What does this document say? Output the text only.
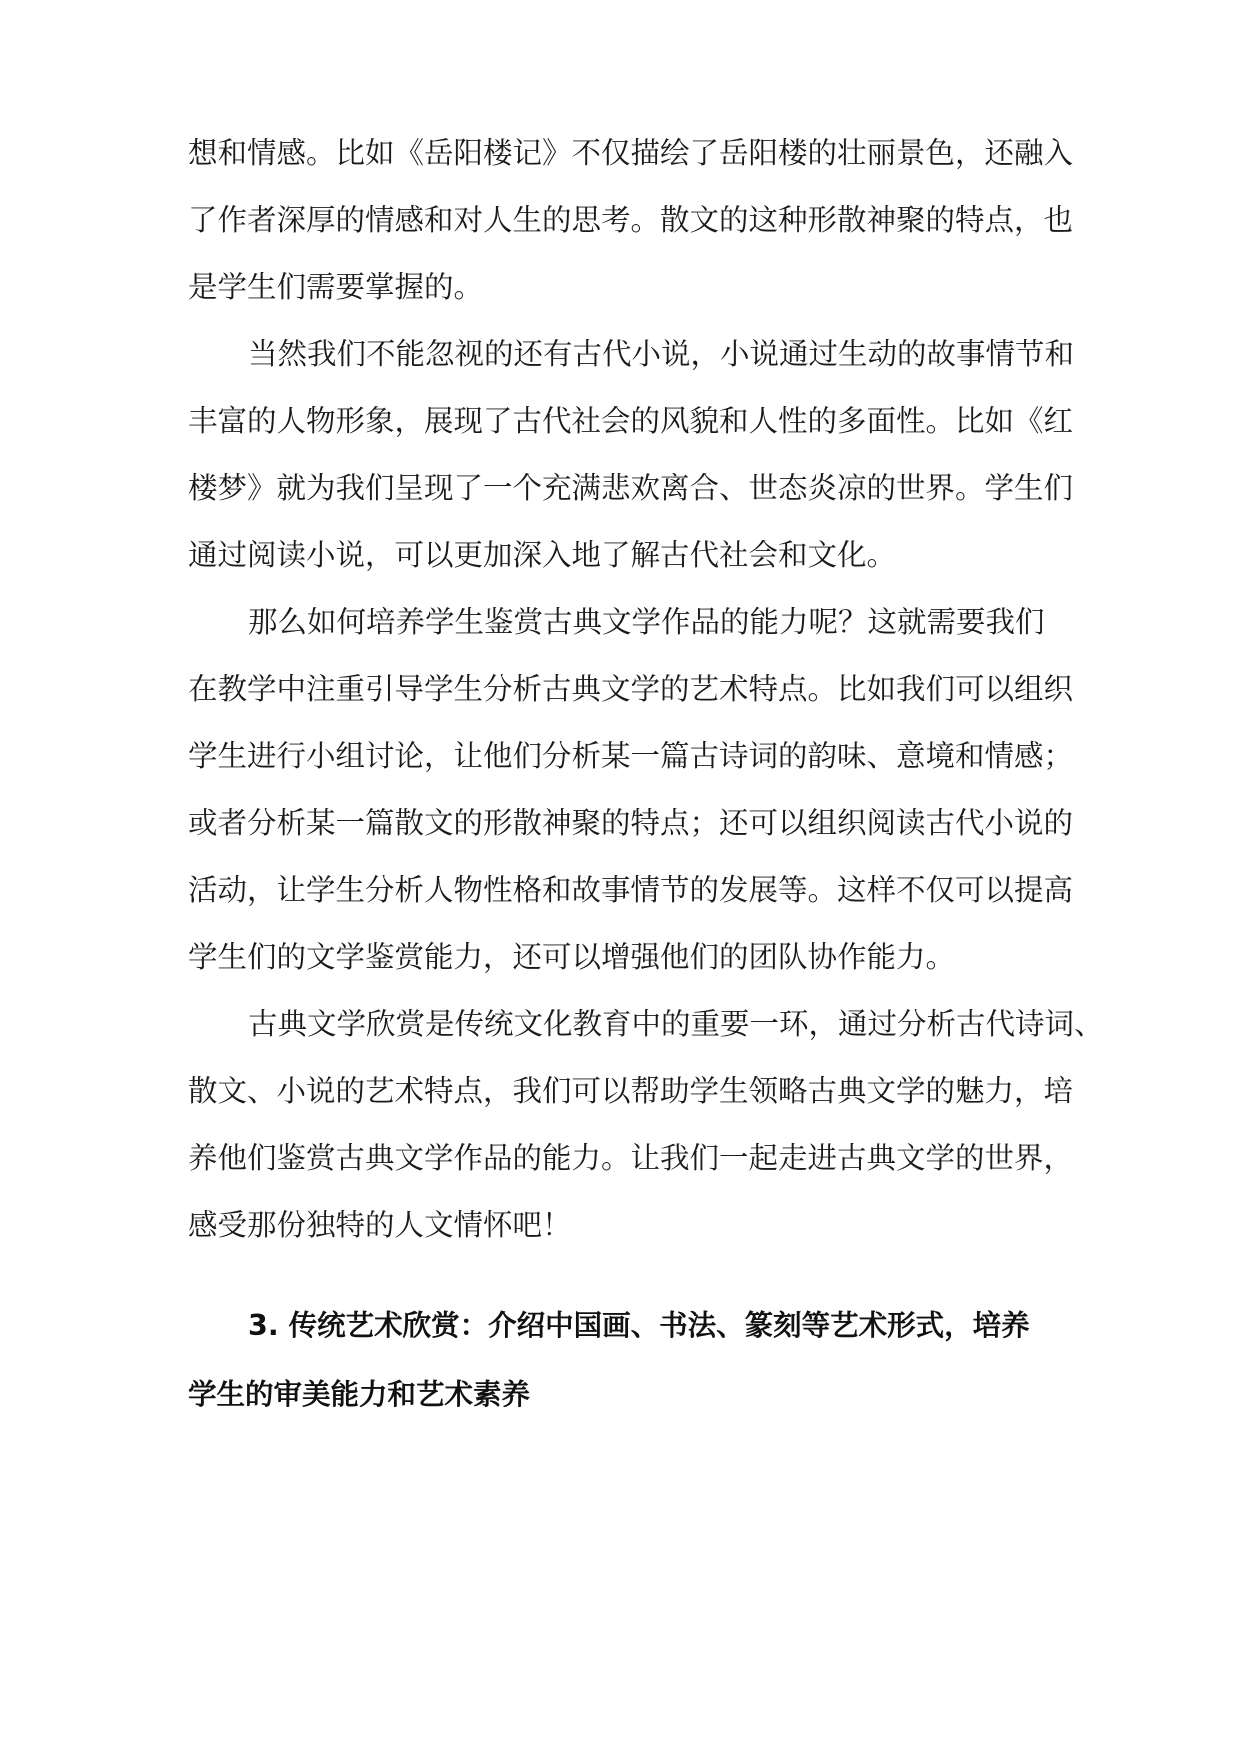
想和情感。比如《岳阳楼记》不仅描绘了岳阳楼的壮丽景色，还融入

了作者深厚的情感和对人生的思考。散文的这种形散神聚的特点，也

是学生们需要掌握的。

当然我们不能忽视的还有古代小说，小说通过生动的故事情节和

丰富的人物形象，展现了古代社会的风貌和人性的多面性。比如《红

楼梦》就为我们呈现了一个充满悲欢离合、世态炎凉的世界。学生们

通过阅读小说，可以更加深入地了解古代社会和文化。

那么如何培养学生鉴赏古典文学作品的能力呢？这就需要我们

在教学中注重引导学生分析古典文学的艺术特点。比如我们可以组织

学生进行小组讨论，让他们分析某一篇古诗词的韵味、意境和情感；

或者分析某一篇散文的形散神聚的特点；还可以组织阅读古代小说的

活动，让学生分析人物性格和故事情节的发展等。这样不仅可以提高

学生们的文学鉴赏能力，还可以增强他们的团队协作能力。

古典文学欣赏是传统文化教育中的重要一环，通过分析古代诗词、

散文、小说的艺术特点，我们可以帮助学生领略古典文学的魅力，培

养他们鉴赏古典文学作品的能力。让我们一起走进古典文学的世界，

感受那份独特的人文情怀吧！

3. 传统艺术欣赏：介绍中国画、书法、篆刻等艺术形式，培养

学生的审美能力和艺术素养
